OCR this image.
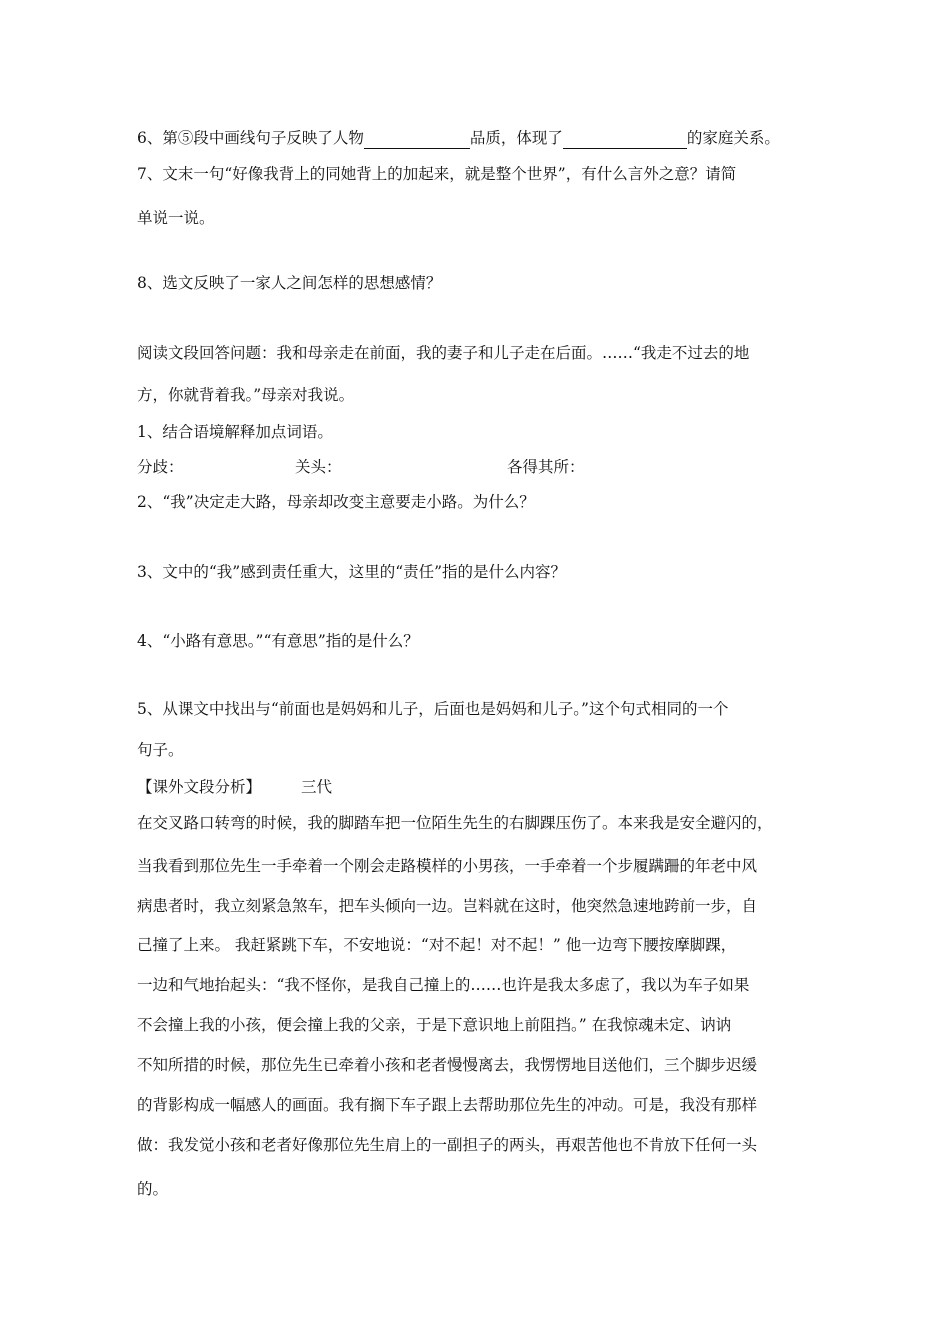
6、第⑤段中画线句子反映了人物	品质，体现了	的家庭关系。
7、文末一句“好像我背上的同她背上的加起来，就是整个世界”，有什么言外之意？请简
单说一说。
8、选文反映了一家人之间怎样的思想感情？
阅读文段回答问题：我和母亲走在前面，我的妻子和儿子走在后面。……“我走不过去的地
方，你就背着我。”母亲对我说。
1、结合语境解释加点词语。
分歧：	关头：	各得其所：
2、“我”决定走大路，母亲却改变主意要走小路。为什么？
3、文中的“我”感到责任重大，这里的“责任”指的是什么内容？
4、“小路有意思。”“有意思”指的是什么？
5、从课文中找出与“前面也是妈妈和儿子，后面也是妈妈和儿子。”这个句式相同的一个
句子。
【课外文段分析】	三代
在交叉路口转弯的时候，我的脚踏车把一位陌生先生的右脚踝压伤了。本来我是安全避闪的，
当我看到那位先生一手牵着一个刚会走路模样的小男孩，一手牵着一个步履蹒跚的年老中风
病患者时，我立刻紧急煞车，把车头倾向一边。岂料就在这时，他突然急速地跨前一步，自
己撞了上来。 我赶紧跳下车，不安地说：“对不起！对不起！” 他一边弯下腰按摩脚踝，
一边和气地抬起头：“我不怪你，是我自己撞上的……也许是我太多虑了，我以为车子如果
不会撞上我的小孩，便会撞上我的父亲，于是下意识地上前阻挡。” 在我惊魂未定、讷讷
不知所措的时候，那位先生已牵着小孩和老者慢慢离去，我愣愣地目送他们，三个脚步迟缓
的背影构成一幅感人的画面。我有搁下车子跟上去帮助那位先生的冲动。可是，我没有那样
做：我发觉小孩和老者好像那位先生肩上的一副担子的两头，再艰苦他也不肯放下任何一头
的。
